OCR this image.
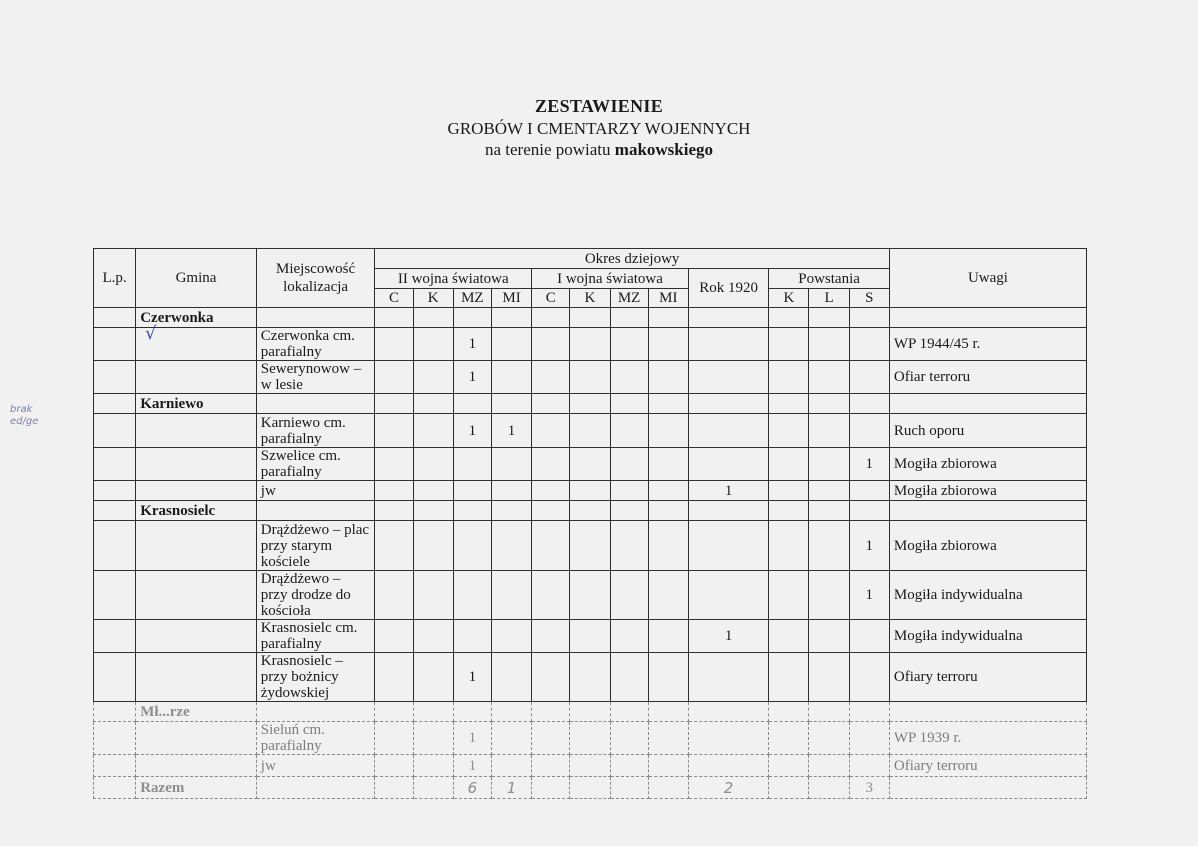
ZESTAWIENIE
GROBÓW I CMENTARZY WOJENNYCH
na terenie powiatu makowskiego
brak
ed/ge
√
L.p.	Gmina	Miejscowość lokalizacja	Okres dziejowy												Uwagi
			II wojna światowa				I wojna światowa				Rok 1920	Powstania			
			C	K	MZ	MI	C	K	MZ	MI		K	L	S	
	Czerwonka														
		Czerwonka cm. parafialny			1										WP 1944/45 r.
		Sewerynowow – w lesie			1										Ofiar terroru
	Karniewo														
		Karniewo cm. parafialny			1	1									Ruch oporu
		Szwelice cm. parafialny												1	Mogiła zbiorowa
		jw									1				Mogiła zbiorowa
	Krasnosielc														
		Drążdżewo – plac przy starym kościele												1	Mogiła zbiorowa
		Drążdżewo – przy drodze do kościoła												1	Mogiła indywidualna
		Krasnosielc cm. parafialny									1				Mogiła indywidualna
		Krasnosielc – przy bożnicy żydowskiej			1										Ofiary terroru
	Mł...rze														
		Sieluń cm. parafialny			1										WP 1939 r.
		jw			1										Ofiary terroru
	Razem				6	1					2			3	
